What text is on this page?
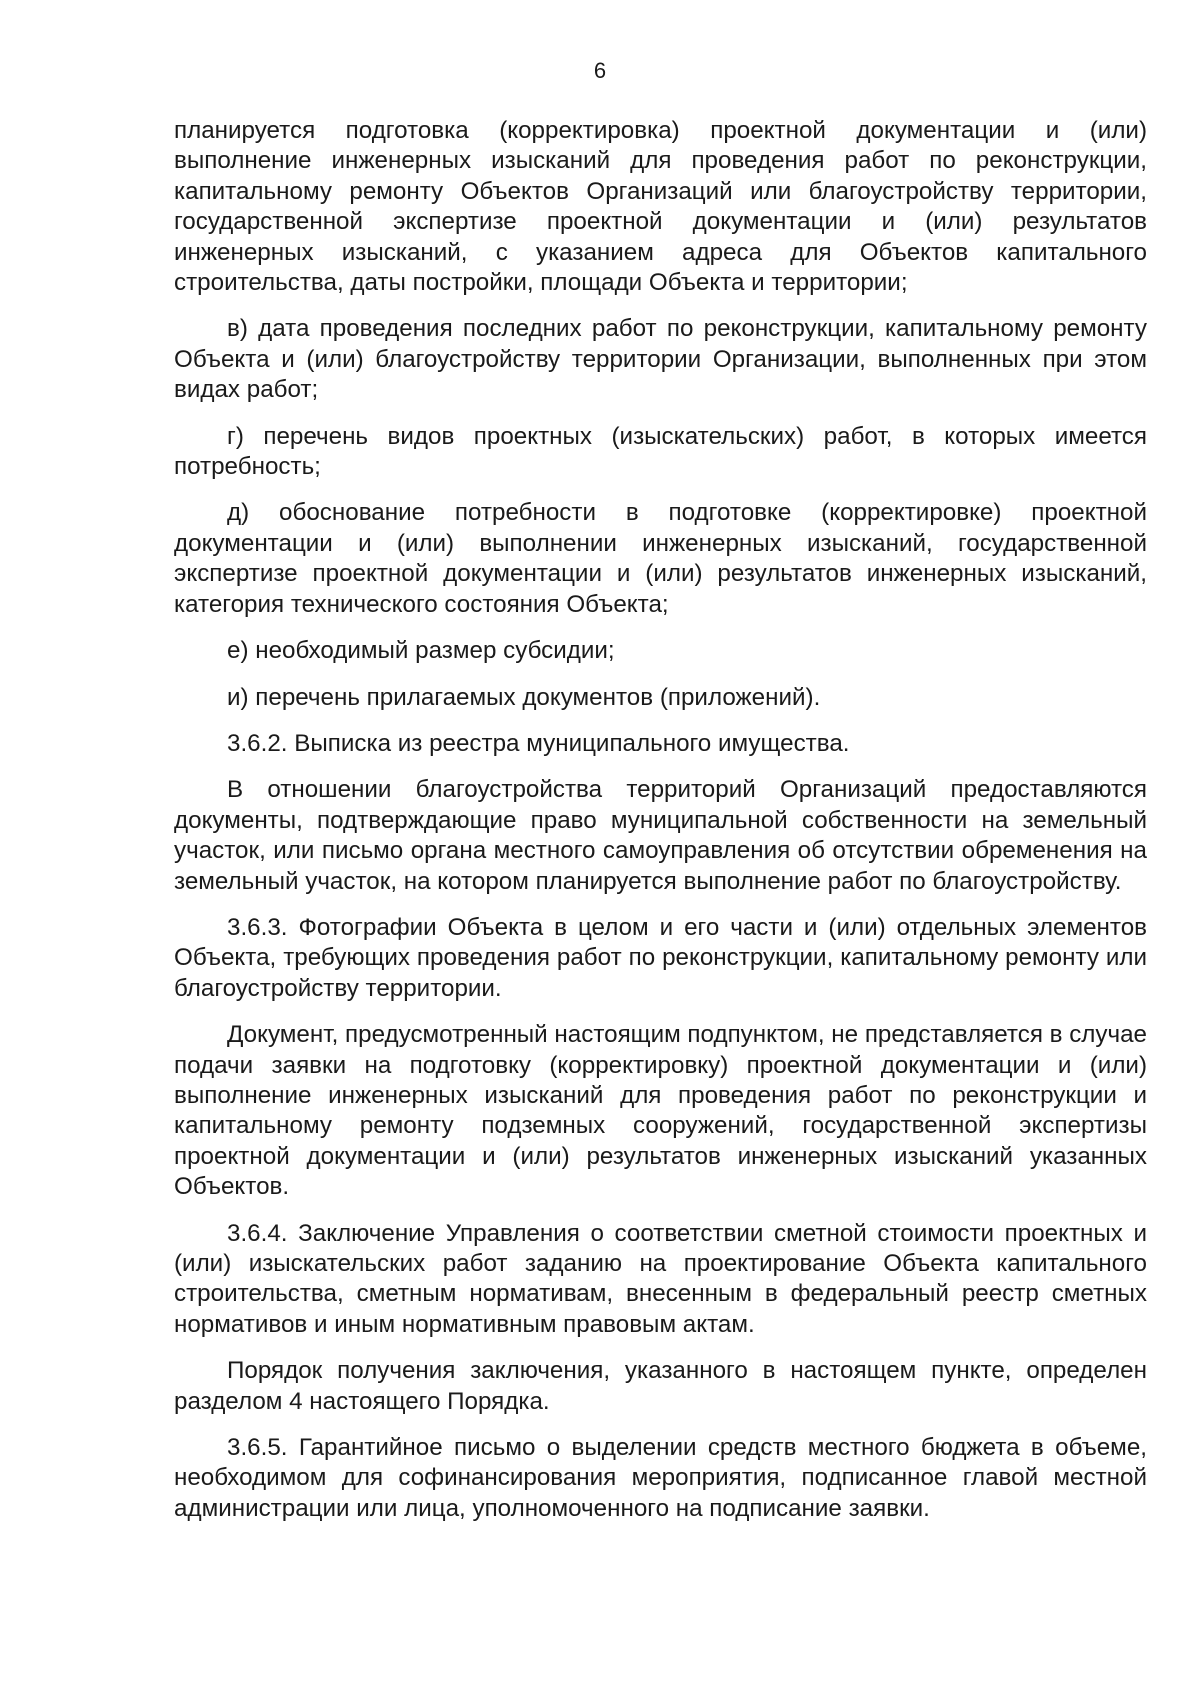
6

планируется подготовка (корректировка) проектной документации и (или) выполнение инженерных изысканий для проведения работ по реконструкции, капитальному ремонту Объектов Организаций или благоустройству территории, государственной экспертизе проектной документации и (или) результатов инженерных изысканий, с указанием адреса для Объектов капитального строительства, даты постройки, площади Объекта и территории;

в) дата проведения последних работ по реконструкции, капитальному ремонту Объекта и (или) благоустройству территории Организации, выполненных при этом видах работ;

г) перечень видов проектных (изыскательских) работ, в которых имеется потребность;

д) обоснование потребности в подготовке (корректировке) проектной документации и (или) выполнении инженерных изысканий, государственной экспертизе проектной документации и (или) результатов инженерных изысканий, категория технического состояния Объекта;

е) необходимый размер субсидии;

и) перечень прилагаемых документов (приложений).

3.6.2. Выписка из реестра муниципального имущества.

В отношении благоустройства территорий Организаций предоставляются документы, подтверждающие право муниципальной собственности на земельный участок, или письмо органа местного самоуправления об отсутствии обременения на земельный участок, на котором планируется выполнение работ по благоустройству.

3.6.3. Фотографии Объекта в целом и его части и (или) отдельных элементов Объекта, требующих проведения работ по реконструкции, капитальному ремонту или благоустройству территории.

Документ, предусмотренный настоящим подпунктом, не представляется в случае подачи заявки на подготовку (корректировку) проектной документации и (или) выполнение инженерных изысканий для проведения работ по реконструкции и капитальному ремонту подземных сооружений, государственной экспертизы проектной документации и (или) результатов инженерных изысканий указанных Объектов.

3.6.4. Заключение Управления о соответствии сметной стоимости проектных и (или) изыскательских работ заданию на проектирование Объекта капитального строительства, сметным нормативам, внесенным в федеральный реестр сметных нормативов и иным нормативным правовым актам.

Порядок получения заключения, указанного в настоящем пункте, определен разделом 4 настоящего Порядка.

3.6.5. Гарантийное письмо о выделении средств местного бюджета в объеме, необходимом для софинансирования мероприятия, подписанное главой местной администрации или лица, уполномоченного на подписание заявки.
